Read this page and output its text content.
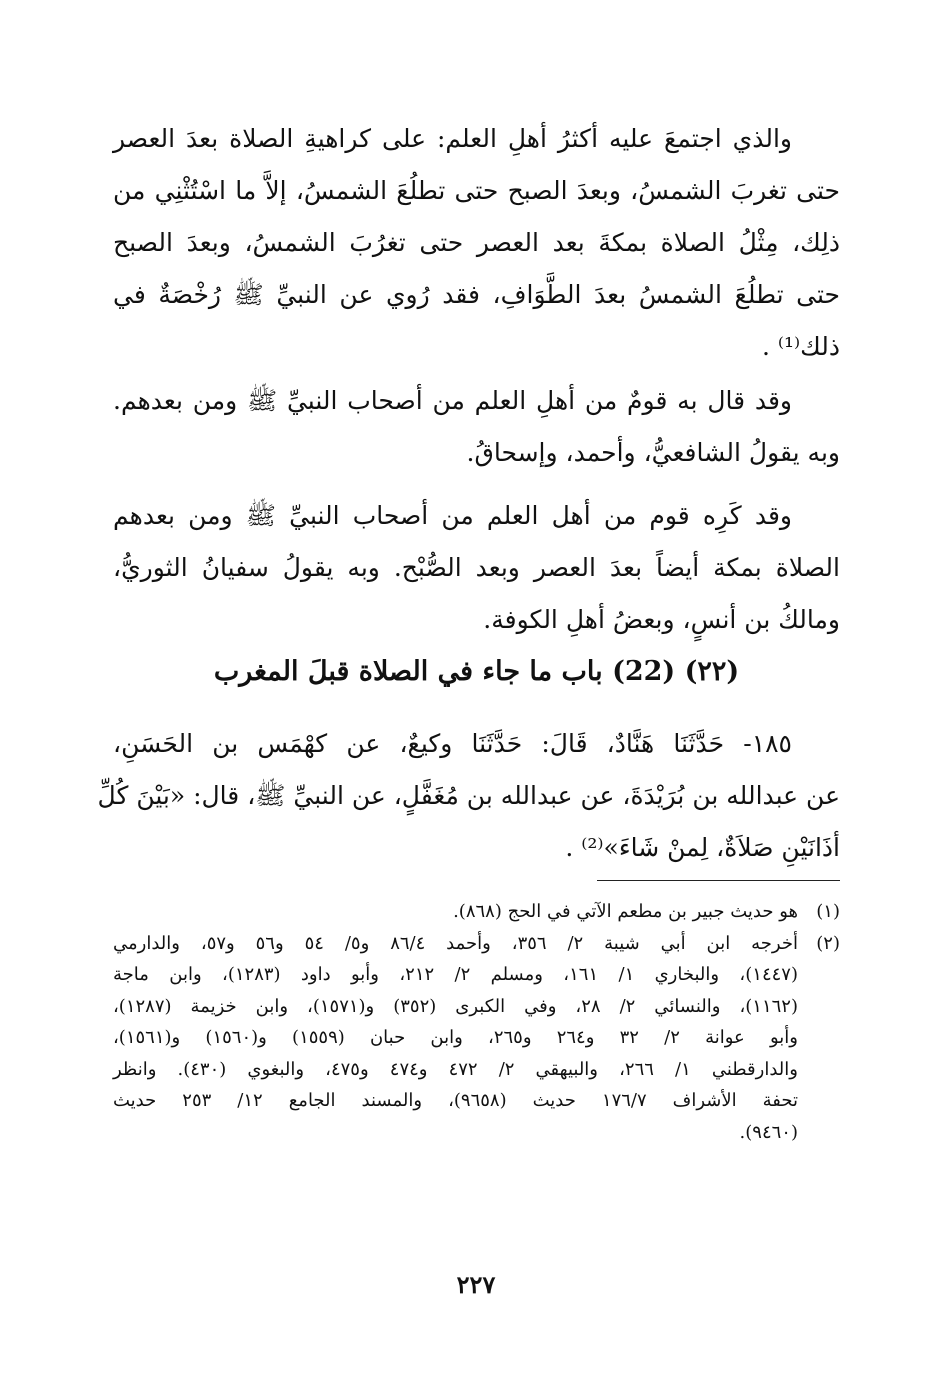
والذي اجتمعَ عليه أكثرُ أهلِ العلم: على كراهيةِ الصلاة بعدَ العصر
حتى تغربَ الشمسُ، وبعدَ الصبح حتى تطلُعَ الشمسُ، إلاَّ ما اسْتُثْنِي من
ذلِك، مِثْلُ الصلاة بمكةَ بعد العصر حتى تغرُبَ الشمسُ، وبعدَ الصبح
حتى تطلُعَ الشمسُ بعدَ الطَّوَافِ، فقد رُوي عن النبيِّ ﷺ رُخْصَةٌ في
ذلك⁽¹⁾ .

وقد قال به قومٌ من أهلِ العلم من أصحاب النبيِّ ﷺ ومن بعدهم.
وبه يقولُ الشافعيُّ، وأحمد، وإسحاقُ.

وقد كَرِه قوم من أهل العلم من أصحاب النبيِّ ﷺ ومن بعدهم
الصلاة بمكة أيضاً بعدَ العصر وبعد الصُّبْح. وبه يقولُ سفيانُ الثوريُّ،
ومالكُ بن أنسٍ، وبعضُ أهلِ الكوفة.

(٢٢) (22) باب ما جاء في الصلاة قبلَ المغرب

١٨٥- حَدَّثَنَا هَنَّادٌ، قَالَ: حَدَّثَنَا وكيعٌ، عن كهْمَس بن الحَسَنِ،
عن عبدالله بن بُرَيْدَةَ، عن عبدالله بن مُغَفَّلٍ، عن النبيِّ ﷺ، قال: «بَيْنَ كُلِّ
أذَانَيْنِ صَلاَةٌ، لِمنْ شَاءَ»⁽²⁾ .

(١)
هو حديث جبير بن مطعم الآتي في الحج (٨٦٨).
(٢)
أخرجه ابن أبي شيبة ٢/ ٣٥٦، وأحمد ٨٦/٤ و٥/ ٥٤ و٥٦ و٥٧، والدارمي
(١٤٤٧)، والبخاري ١/ ١٦١، ومسلم ٢/ ٢١٢، وأبو داود (١٢٨٣)، وابن ماجة
(١١٦٢)، والنسائي ٢/ ٢٨، وفي الكبرى (٣٥٢) و(١٥٧١)، وابن خزيمة (١٢٨٧)،
وأبو عوانة ٢/ ٣٢ و٢٦٤ و٢٦٥، وابن حبان (١٥٥٩) و(١٥٦٠) و(١٥٦١)،
والدارقطني ١/ ٢٦٦، والبيهقي ٢/ ٤٧٢ و٤٧٤ و٤٧٥، والبغوي (٤٣٠). وانظر
تحفة الأشراف ١٧٦/٧ حديث (٩٦٥٨)، والمسند الجامع ١٢/ ٢٥٣ حديث
(٩٤٦٠).
٢٢٧
